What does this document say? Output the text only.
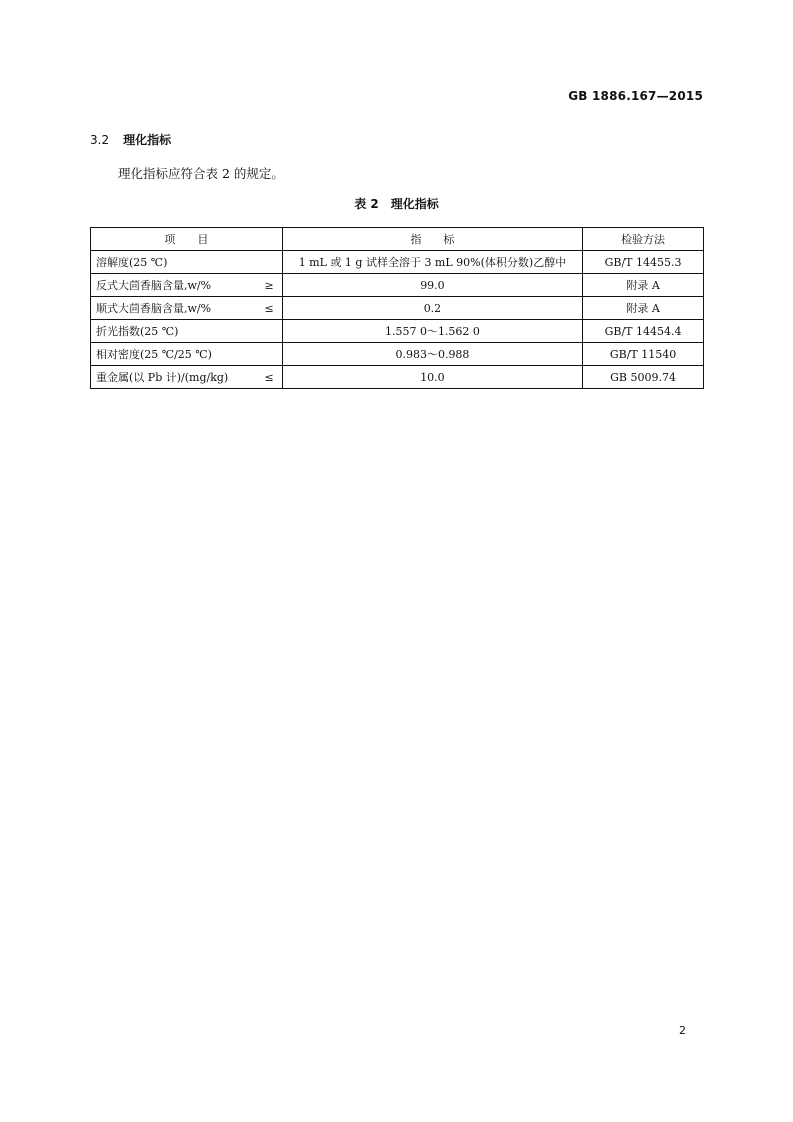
GB 1886.167—2015
3.2 理化指标
理化指标应符合表 2 的规定。
表 2　理化指标
项　　目	指　　标	检验方法

溶解度(25 ℃)	1 mL 或 1 g 试样全溶于 3 mL 90%(体积分数)乙醇中	GB/T 14455.3

反式大茴香脑含量,w/% ≥	99.0	附录 A

顺式大茴香脑含量,w/% ≤	0.2	附录 A

折光指数(25 ℃)	1.557 0～1.562 0	GB/T 14454.4

相对密度(25 ℃/25 ℃)	0.983～0.988	GB/T 11540

重金属(以 Pb 计)/(mg/kg) ≤	10.0	GB 5009.74
2
